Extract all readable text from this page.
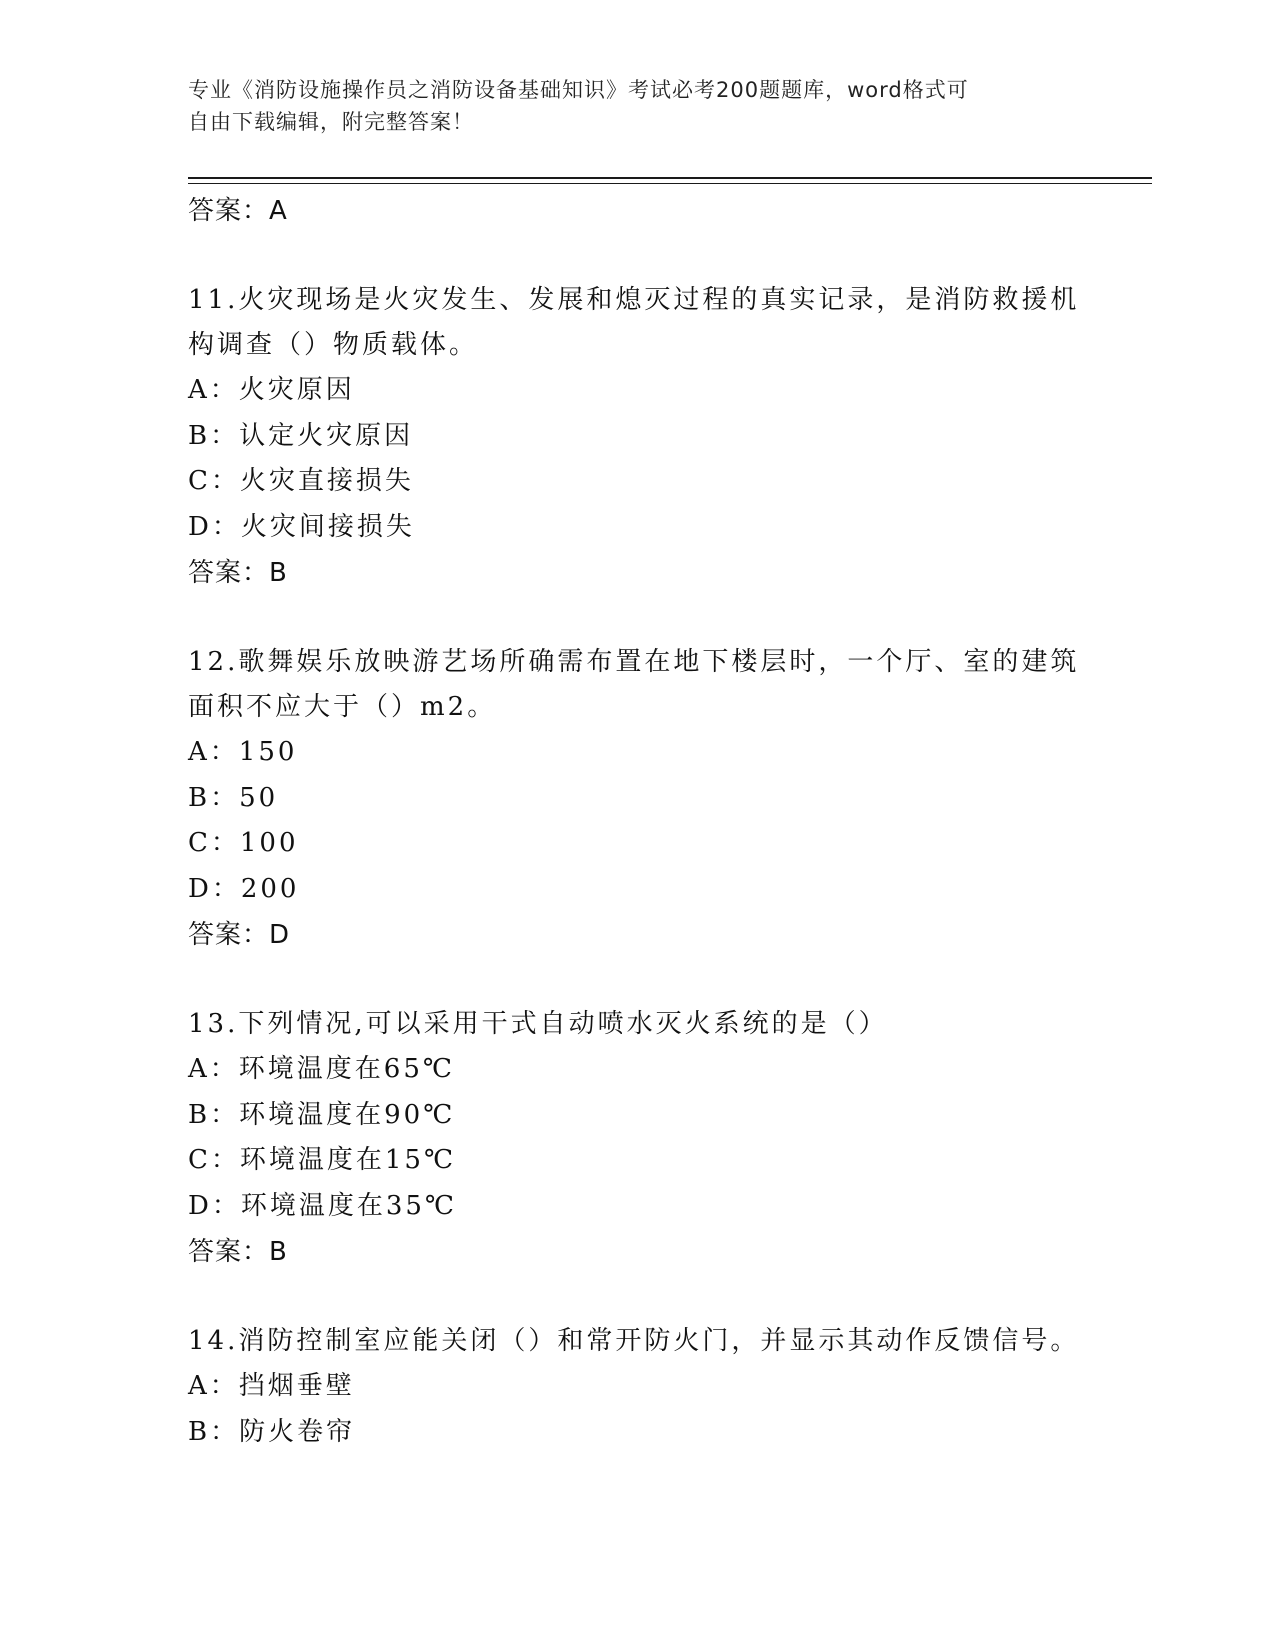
专业《消防设施操作员之消防设备基础知识》考试必考200题题库，word格式可
自由下载编辑，附完整答案！
答案：A
11.火灾现场是火灾发生、发展和熄灭过程的真实记录，是消防救援机构调查（）物质载体。
A：火灾原因
B：认定火灾原因
C：火灾直接损失
D：火灾间接损失
答案：B
12.歌舞娱乐放映游艺场所确需布置在地下楼层时，一个厅、室的建筑面积不应大于（）m2。
A：150
B：50
C：100
D：200
答案：D
13.下列情况,可以采用干式自动喷水灭火系统的是（）
A：环境温度在65℃
B：环境温度在90℃
C：环境温度在15℃
D：环境温度在35℃
答案：B
14.消防控制室应能关闭（）和常开防火门，并显示其动作反馈信号。
A：挡烟垂壁
B：防火卷帘
